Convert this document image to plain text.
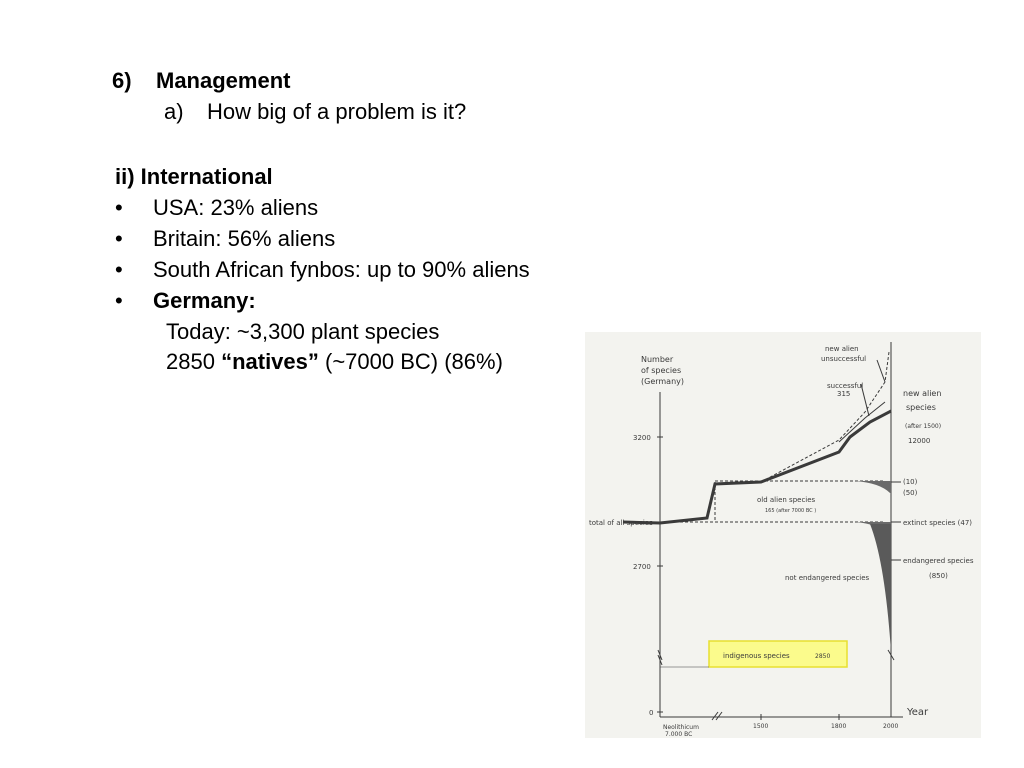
6) Management
a) How big of a problem is it?
ii) International
• USA: 23% aliens
• Britain: 56% aliens
• South African fynbos: up to 90% aliens
• Germany:
Today: ~3,300 plant species
2850 “natives” (~7000 BC) (86%)	Number
of species
(Germany)
3200
2700
0
total of all species
new alien
unsuccessful
successful
315	new alien
species
(after 1500)
12000
old alien species
165 (after 7000 BC )
(10)
(50)
extinct species (47)
endangered species
(850)
not endangered species
indigenous species	2850
Year
Neolithicum
7.000 BC
1500	1800	2000
